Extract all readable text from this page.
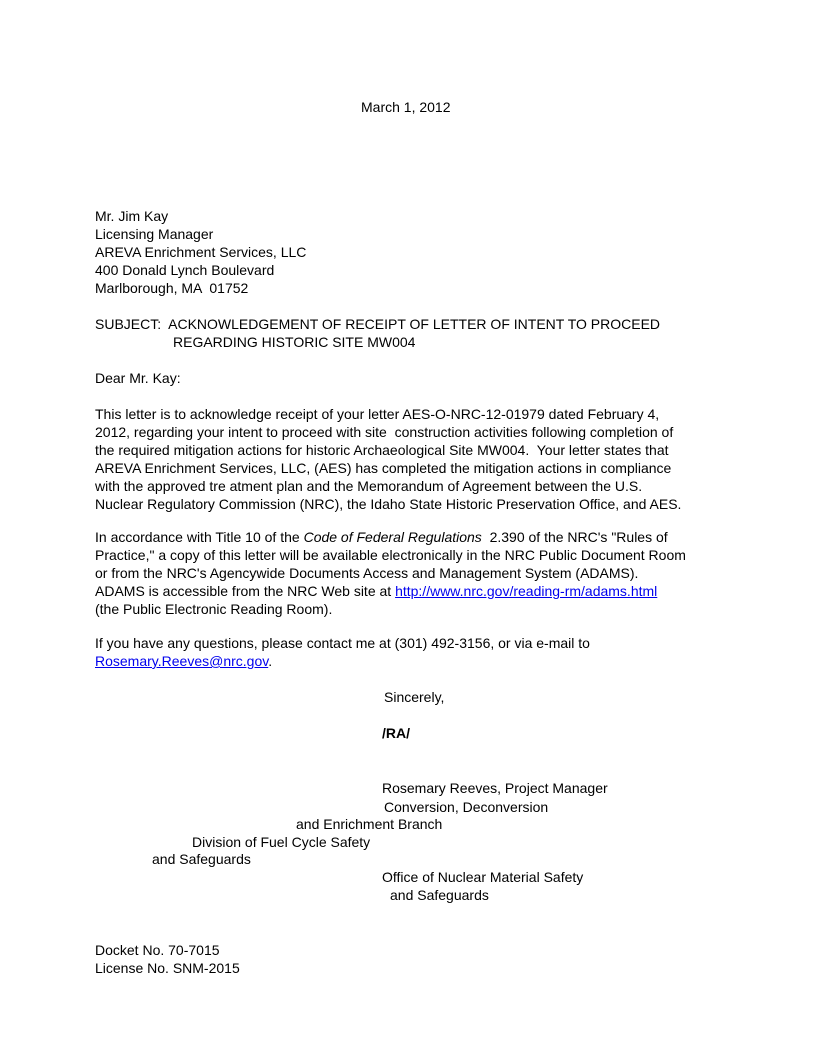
March 1, 2012
Mr. Jim Kay
Licensing Manager
AREVA Enrichment Services, LLC
400 Donald Lynch Boulevard
Marlborough, MA  01752
SUBJECT:  ACKNOWLEDGEMENT OF RECEIPT OF LETTER OF INTENT TO PROCEED
REGARDING HISTORIC SITE MW004
Dear Mr. Kay:
This letter is to acknowledge receipt of your letter AES-O-NRC-12-01979 dated February 4,
2012, regarding your intent to proceed with site  construction activities following completion of
the required mitigation actions for historic Archaeological Site MW004.  Your letter states that
AREVA Enrichment Services, LLC, (AES) has completed the mitigation actions in compliance
with the approved tre atment plan and the Memorandum of Agreement between the U.S.
Nuclear Regulatory Commission (NRC), the Idaho State Historic Preservation Office, and AES.
In accordance with Title 10 of the Code of Federal Regulations  2.390 of the NRC's "Rules of
Practice," a copy of this letter will be available electronically in the NRC Public Document Room
or from the NRC's Agencywide Documents Access and Management System (ADAMS).
ADAMS is accessible from the NRC Web site at http://www.nrc.gov/reading-rm/adams.html
(the Public Electronic Reading Room).
If you have any questions, please contact me at (301) 492-3156, or via e-mail to
Rosemary.Reeves@nrc.gov.
Sincerely,
/RA/
Rosemary Reeves, Project Manager
Conversion, Deconversion
and Enrichment Branch
Division of Fuel Cycle Safety
and Safeguards
Office of Nuclear Material Safety
and Safeguards
Docket No. 70-7015
License No. SNM-2015
